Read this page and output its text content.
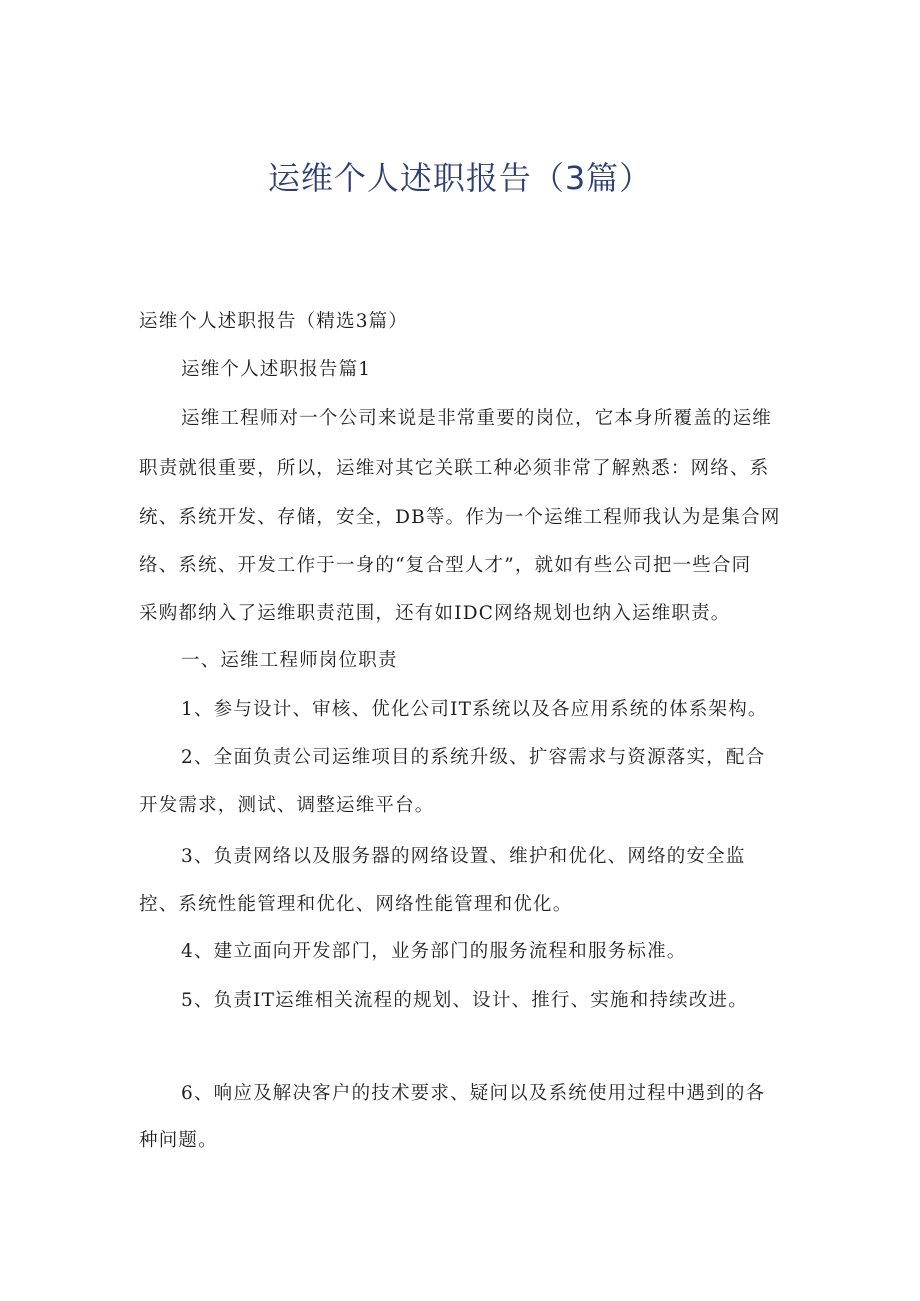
运维个人述职报告（3篇）
运维个人述职报告（精选3篇）
运维个人述职报告篇1
运维工程师对一个公司来说是非常重要的岗位，它本身所覆盖的运维
职责就很重要，所以，运维对其它关联工种必须非常了解熟悉：网络、系
统、系统开发、存储，安全，DB等。作为一个运维工程师我认为是集合网
络、系统、开发工作于一身的“复合型人才”，就如有些公司把一些合同
采购都纳入了运维职责范围，还有如IDC网络规划也纳入运维职责。
一、运维工程师岗位职责
1、参与设计、审核、优化公司IT系统以及各应用系统的体系架构。
2、全面负责公司运维项目的系统升级、扩容需求与资源落实，配合
开发需求，测试、调整运维平台。
3、负责网络以及服务器的网络设置、维护和优化、网络的安全监
控、系统性能管理和优化、网络性能管理和优化。
4、建立面向开发部门，业务部门的服务流程和服务标准。
5、负责IT运维相关流程的规划、设计、推行、实施和持续改进。
6、响应及解决客户的技术要求、疑问以及系统使用过程中遇到的各
种问题。
